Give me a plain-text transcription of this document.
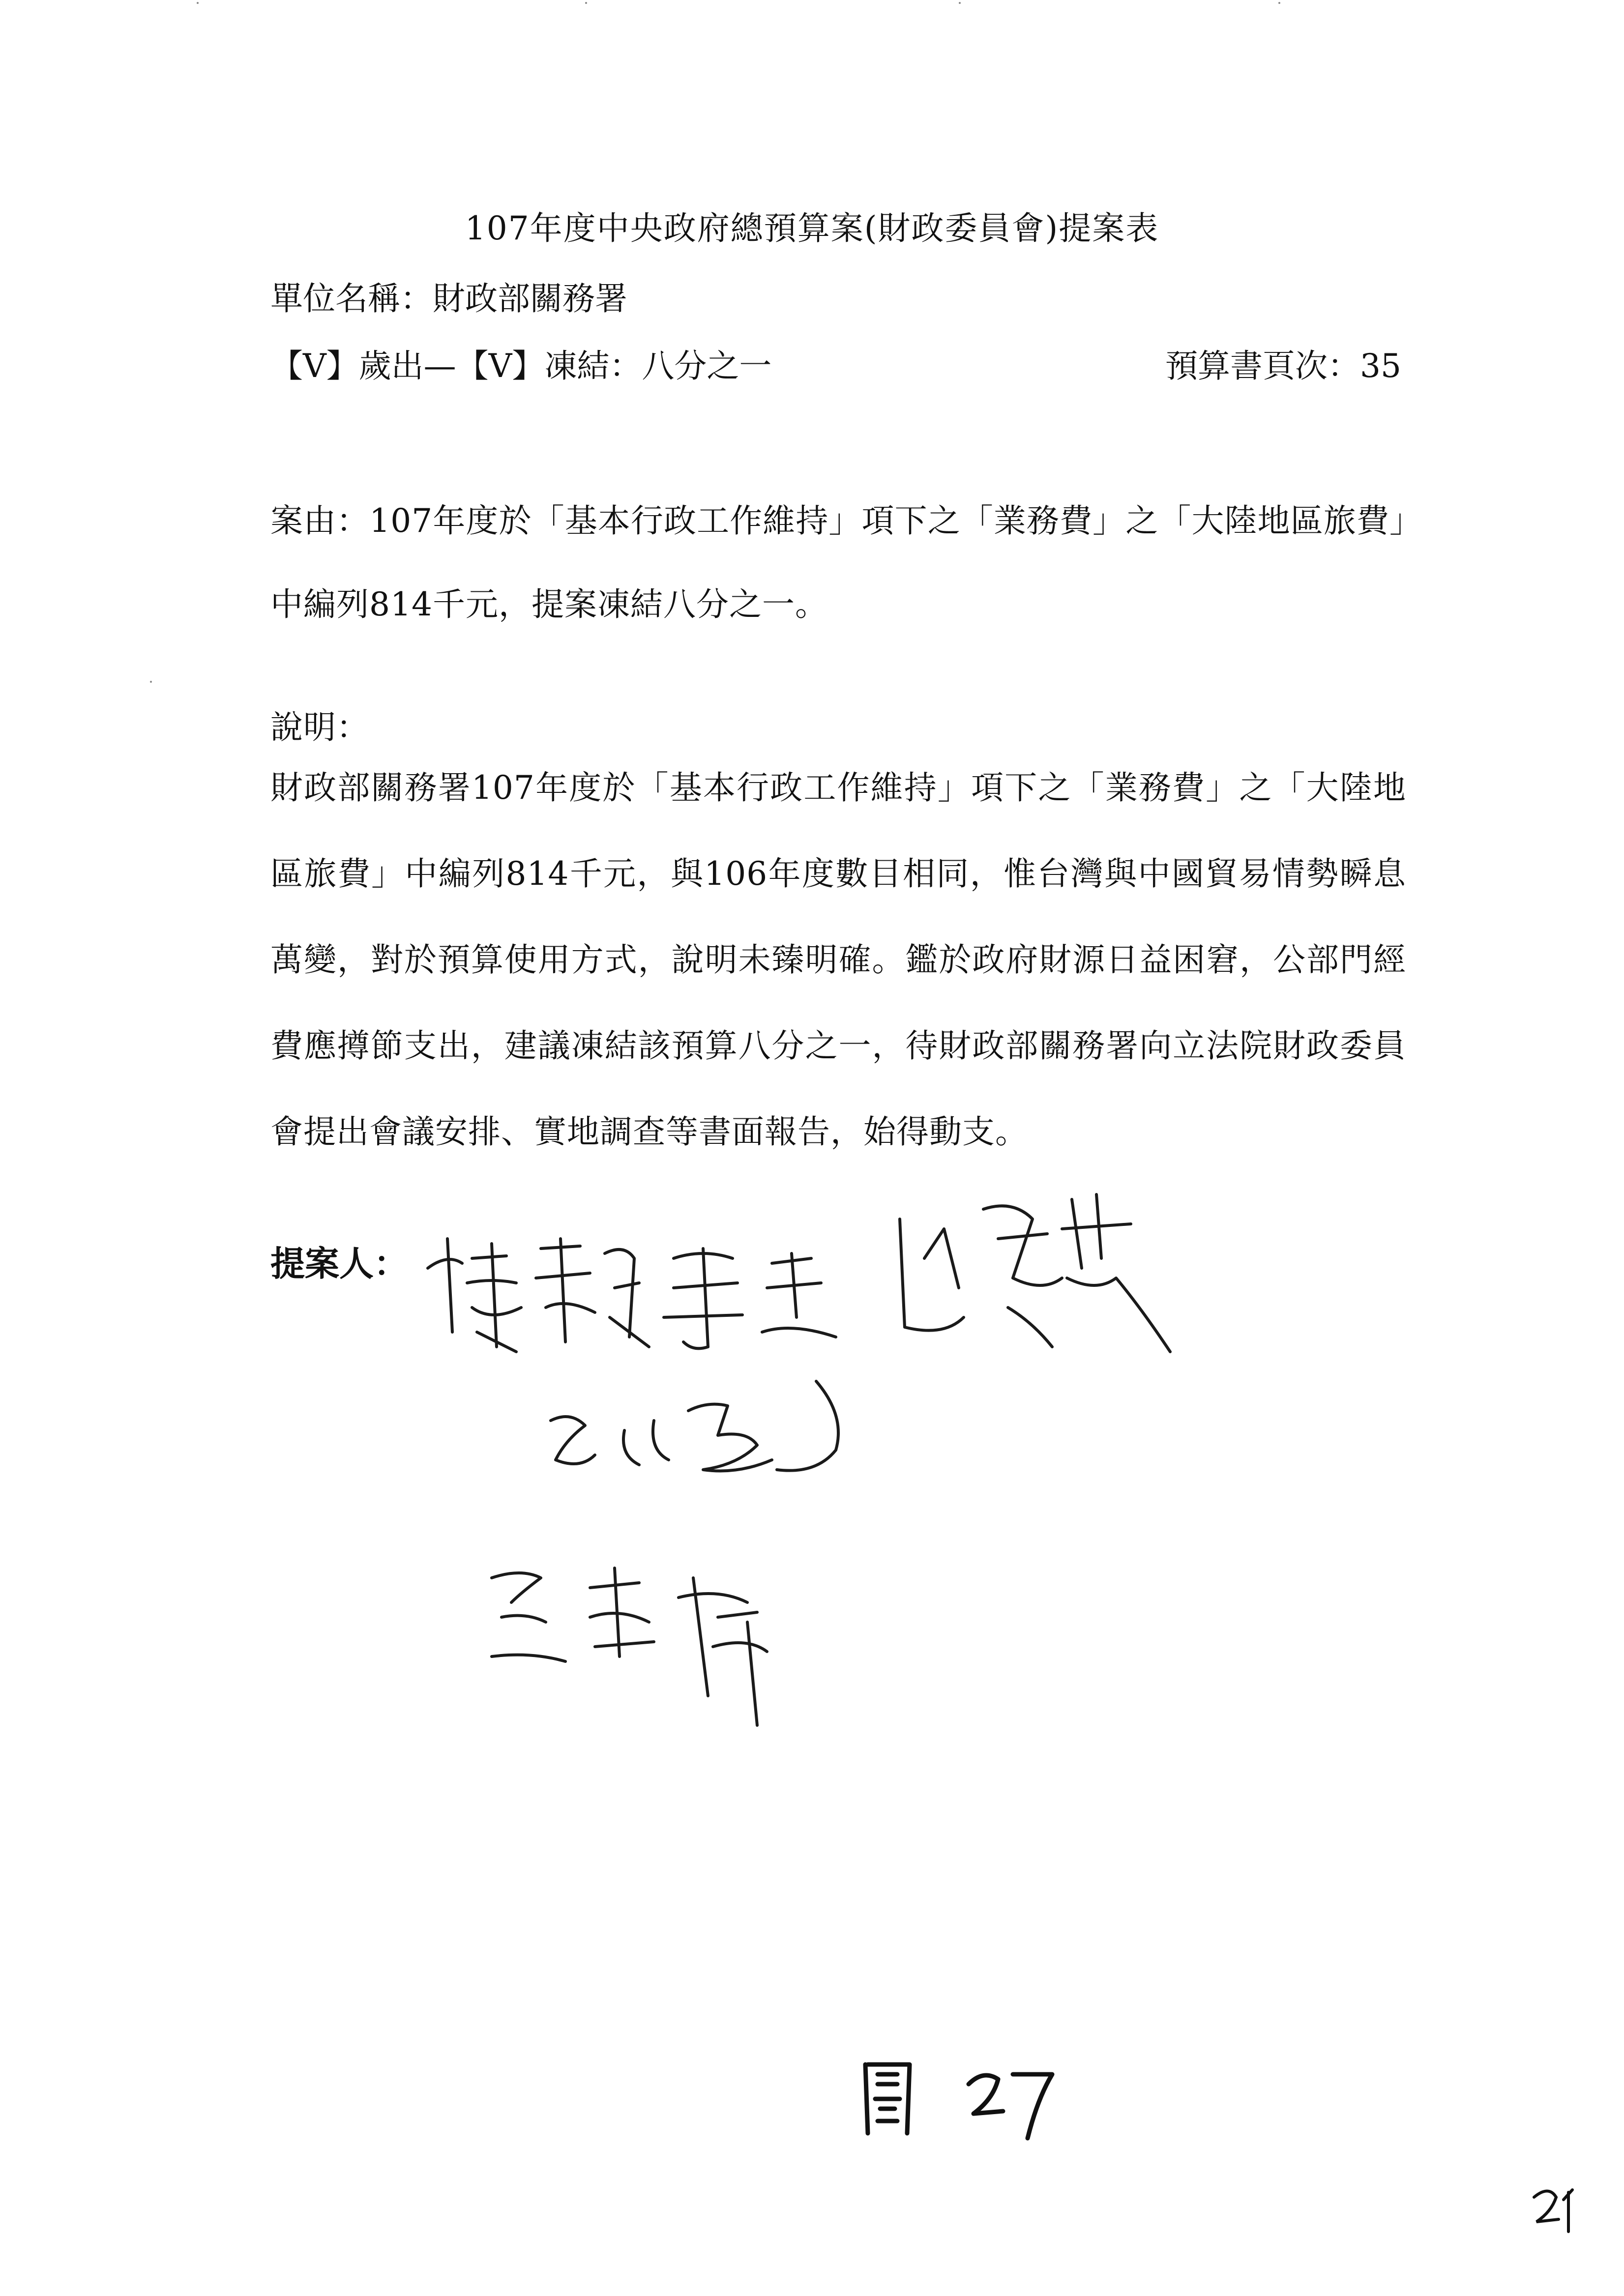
107年度中央政府總預算案(財政委員會)提案表
單位名稱：財政部關務署
【V】歲出—【V】凍結：八分之一	預算書頁次：35
案由：107年度於「基本行政工作維持」項下之「業務費」之「大陸地區旅費」中編列814千元，提案凍結八分之一。
說明：
財政部關務署107年度於「基本行政工作維持」項下之「業務費」之「大陸地區旅費」中編列814千元，與106年度數目相同，惟台灣與中國貿易情勢瞬息萬變，對於預算使用方式，說明未臻明確。鑑於政府財源日益困窘，公部門經費應撙節支出，建議凍結該預算八分之一，待財政部關務署向立法院財政委員會提出會議安排、實地調查等書面報告，始得動支。
提案人：
